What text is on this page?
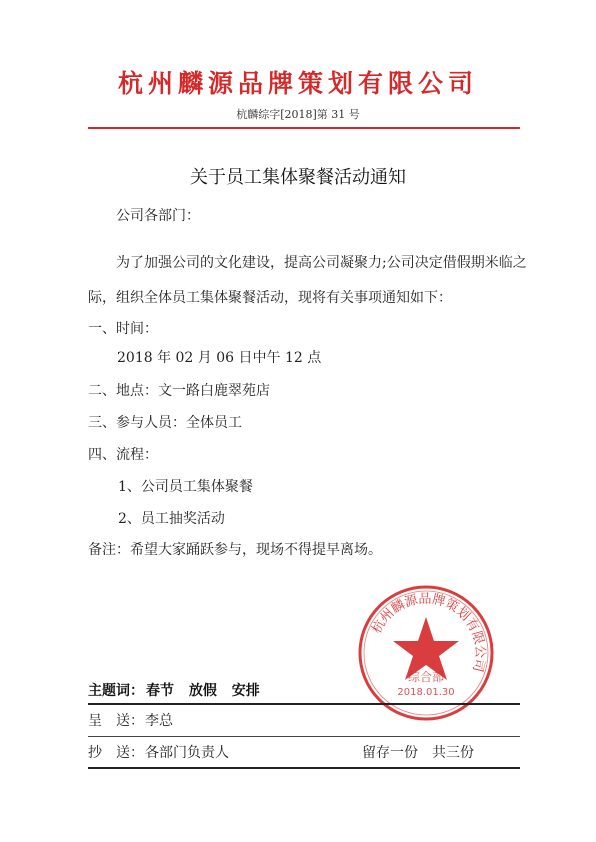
杭州麟源品牌策划有限公司
杭麟综字[2018]第 31 号
关于员工集体聚餐活动通知
公司各部门：
为了加强公司的文化建设，提高公司凝聚力;公司决定借假期米临之
际，组织全体员工集体聚餐活动，现将有关事项通知如下：
一、时间：
2018 年 02 月 06 日中午 12 点
二、地点：文一路白鹿翠苑店
三、参与人员：全体员工
四、流程：
1、公司员工集体聚餐
2、员工抽奖活动
备注：希望大家踊跃参与，现场不得提早离场。
杭州麟源品牌策划有限公司
综合部
2018.01.30
主题词： 春节 放假 安排
呈　送： 李总
抄　送： 各部门负责人	留存一份　共三份
